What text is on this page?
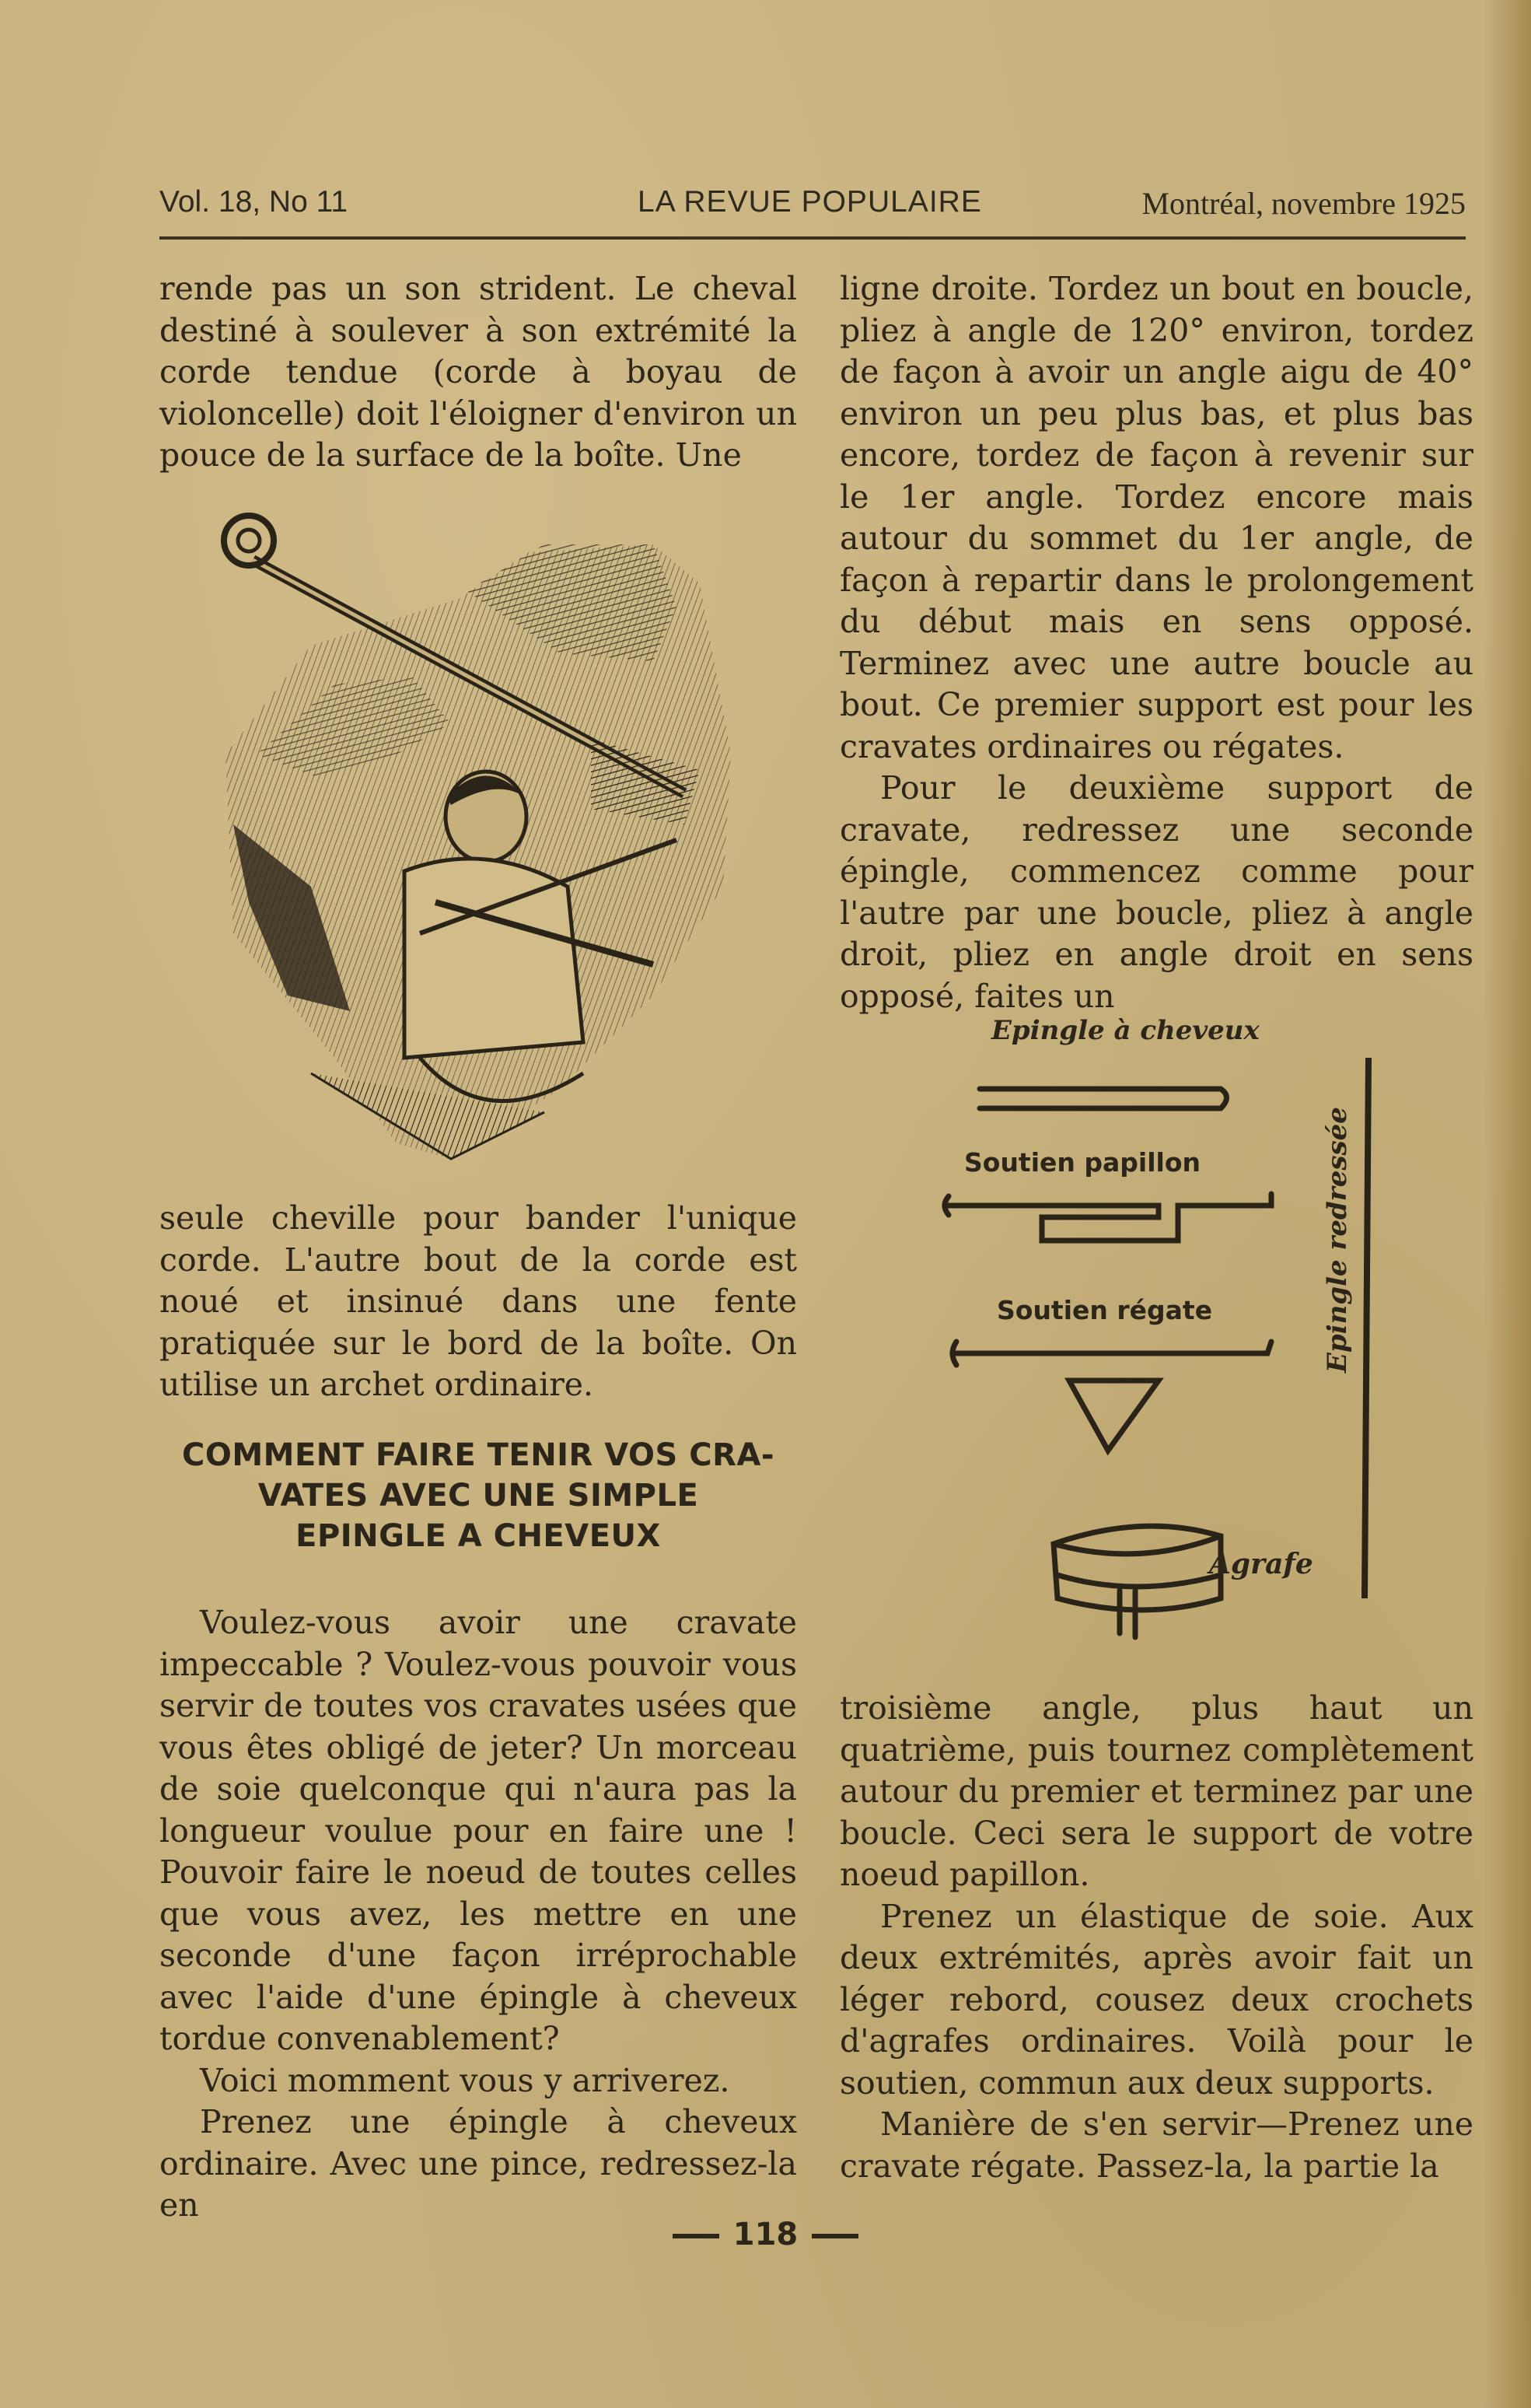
Vol. 18, No 11	LA REVUE POPULAIRE	Montréal, novembre 1925

rende pas un son strident. Le cheval destiné à soulever à son extrémité la corde tendue (corde à boyau de violoncelle) doit l'éloigner d'environ un pouce de la surface de la boîte. Une

seule cheville pour bander l'unique corde. L'autre bout de la corde est noué et insinué dans une fente pratiquée sur le bord de la boîte. On utilise un archet ordinaire.

COMMENT FAIRE TENIR VOS CRA-
VATES AVEC UNE SIMPLE
EPINGLE A CHEVEUX

Voulez-vous avoir une cravate impeccable ? Voulez-vous pouvoir vous servir de toutes vos cravates usées que vous êtes obligé de jeter? Un morceau de soie quelconque qui n'aura pas la longueur voulue pour en faire une ! Pouvoir faire le noeud de toutes celles que vous avez, les mettre en une seconde d'une façon irréprochable avec l'aide d'une épingle à cheveux tordue convenablement?

Voici momment vous y arriverez.

Prenez une épingle à cheveux ordinaire. Avec une pince, redressez-la en

ligne droite. Tordez un bout en boucle, pliez à angle de 120° environ, tordez de façon à avoir un angle aigu de 40° environ un peu plus bas, et plus bas encore, tordez de façon à revenir sur le 1er angle. Tordez encore mais autour du sommet du 1er angle, de façon à repartir dans le prolongement du début mais en sens opposé. Terminez avec une autre boucle au bout. Ce premier support est pour les cravates ordinaires ou régates.

Pour le deuxième support de cravate, redressez une seconde épingle, commencez comme pour l'autre par une boucle, pliez à angle droit, pliez en angle droit en sens opposé, faites un

Epingle à cheveux
Soutien papillon
Soutien régate
Agrafe
Epingle redressée

troisième angle, plus haut un quatrième, puis tournez complètement autour du premier et terminez par une boucle. Ceci sera le support de votre noeud papillon.

Prenez un élastique de soie. Aux deux extrémités, après avoir fait un léger rebord, cousez deux crochets d'agrafes ordinaires. Voilà pour le soutien, commun aux deux supports.

Manière de s'en servir—Prenez une cravate régate. Passez-la, la partie la

118
